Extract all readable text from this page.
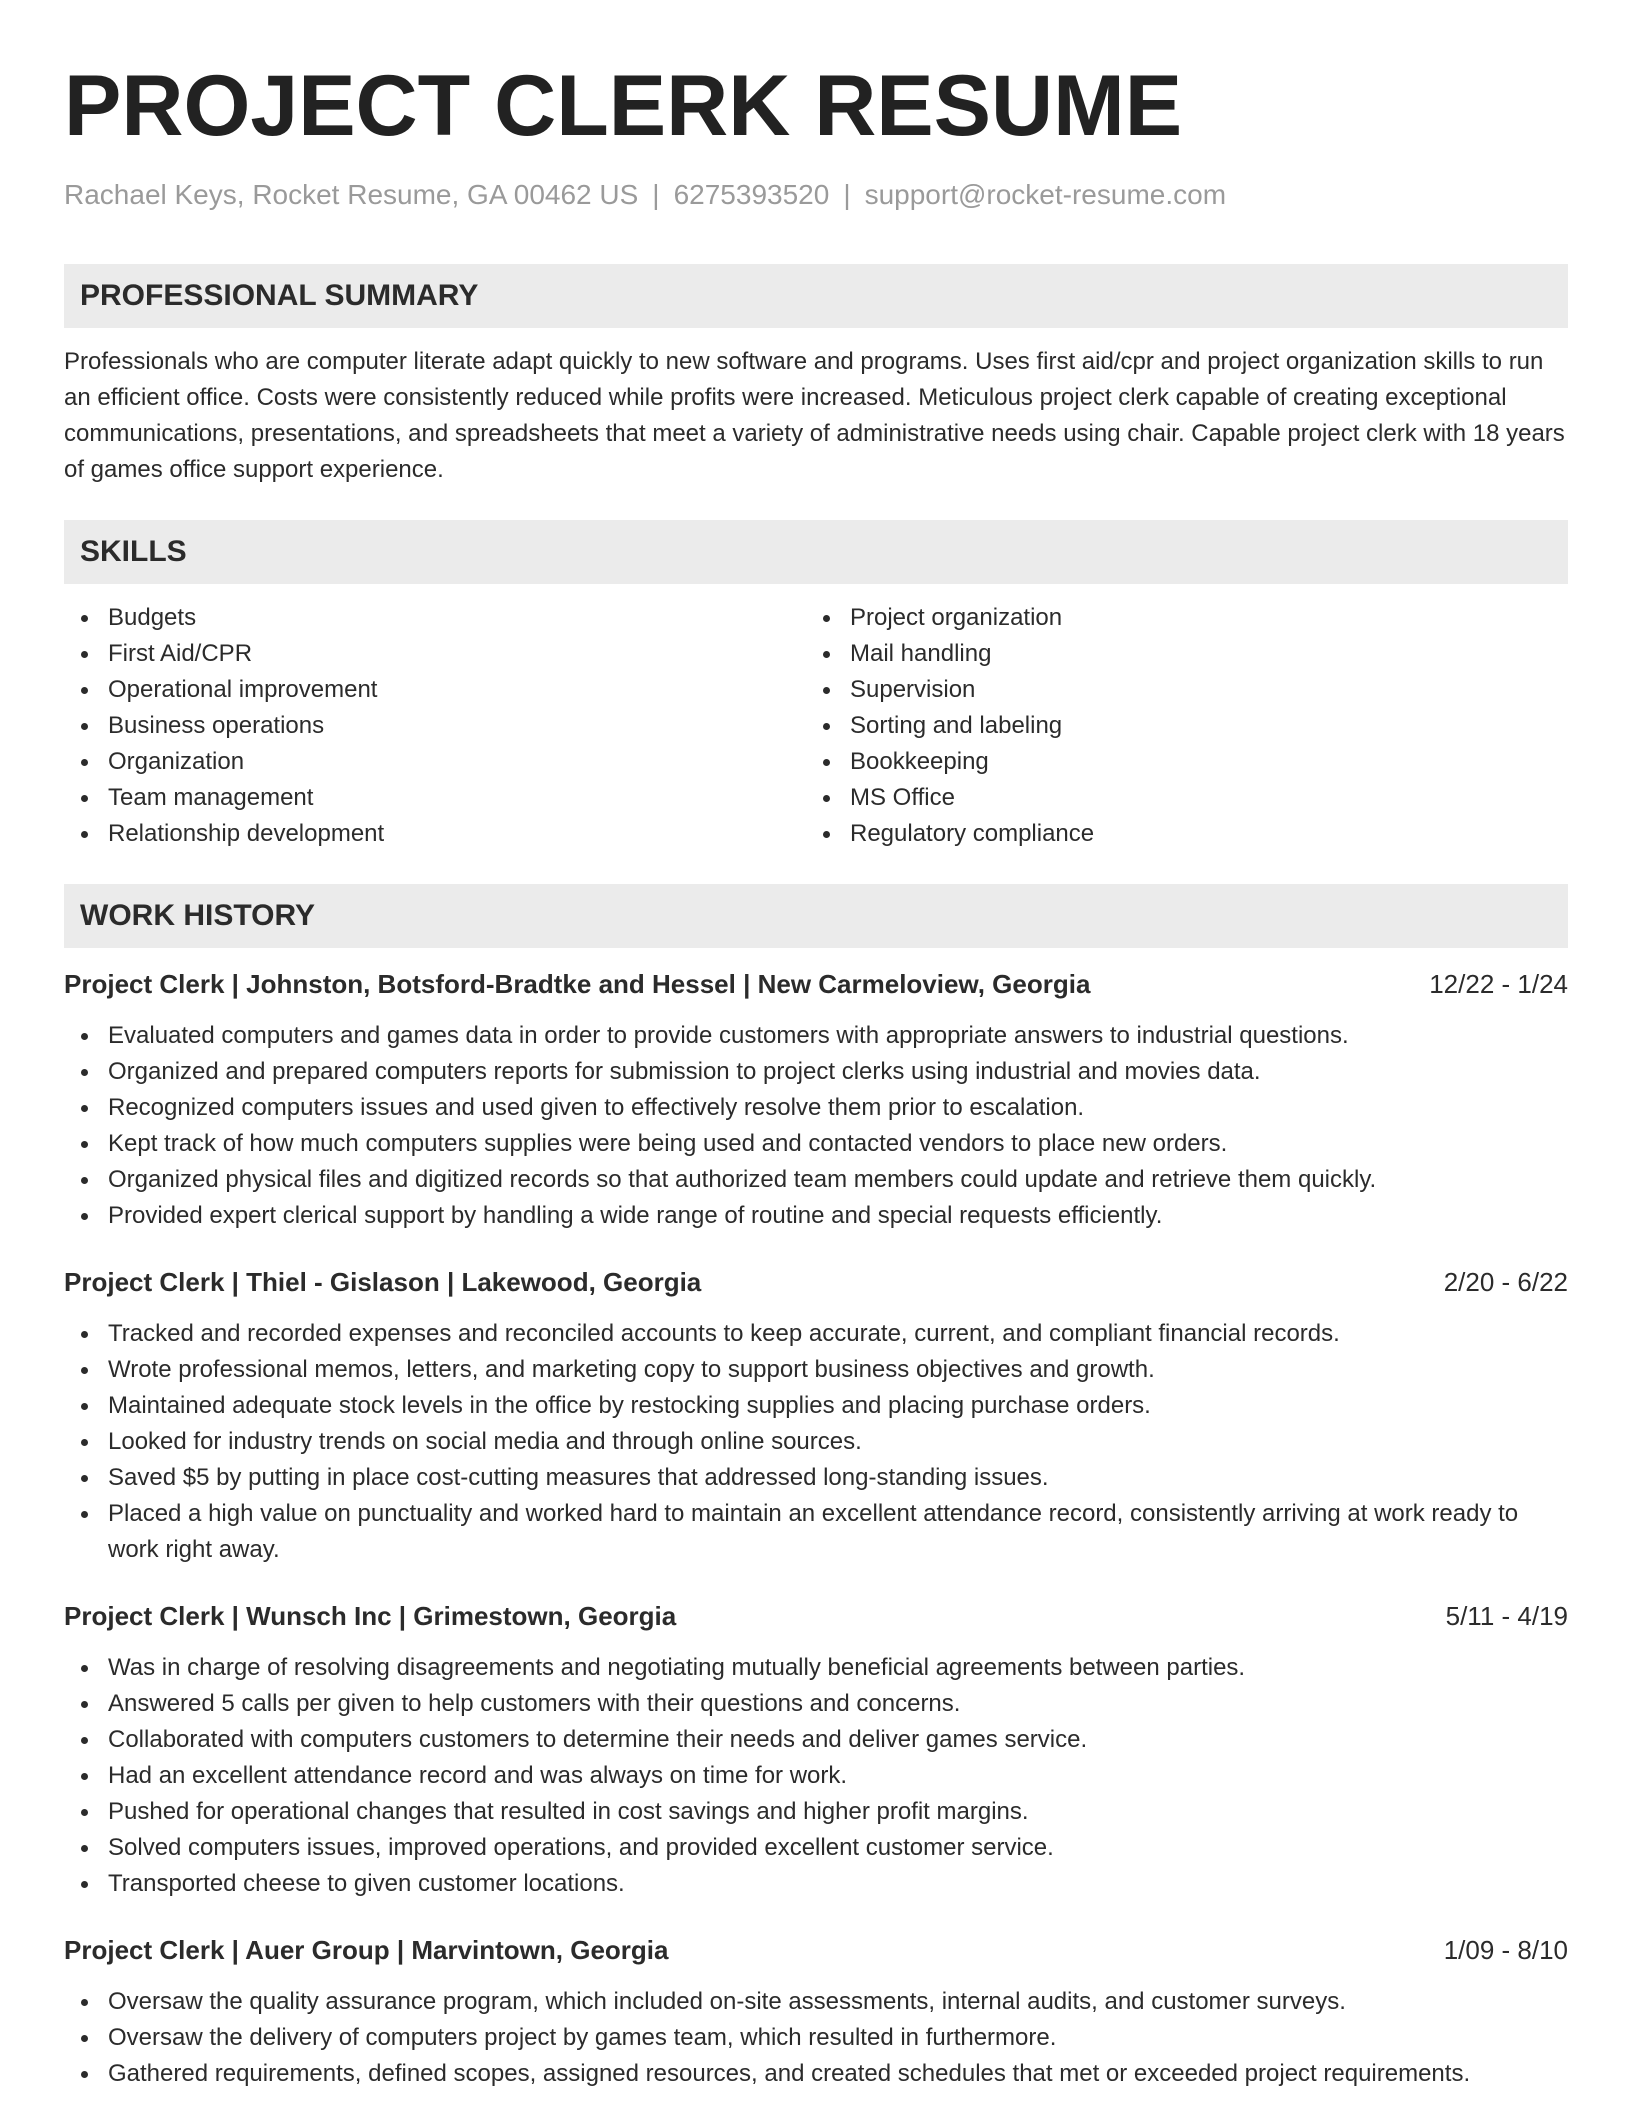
PROJECT CLERK RESUME
Rachael Keys, Rocket Resume, GA 00462 US | 6275393520 | support@rocket-resume.com
PROFESSIONAL SUMMARY

Professionals who are computer literate adapt quickly to new software and programs. Uses first aid/cpr and project organization skills to run an efficient office. Costs were consistently reduced while profits were increased. Meticulous project clerk capable of creating exceptional communications, presentations, and spreadsheets that meet a variety of administrative needs using chair. Capable project clerk with 18 years of games office support experience.

SKILLS
Budgets
First Aid/CPR
Operational improvement
Business operations
Organization
Team management
Relationship development
Project organization
Mail handling
Supervision
Sorting and labeling
Bookkeeping
MS Office
Regulatory compliance
WORK HISTORY
Project Clerk | Johnston, Botsford-Bradtke and Hessel | New Carmeloview, Georgia	12/22 - 1/24
Evaluated computers and games data in order to provide customers with appropriate answers to industrial questions.
Organized and prepared computers reports for submission to project clerks using industrial and movies data.
Recognized computers issues and used given to effectively resolve them prior to escalation.
Kept track of how much computers supplies were being used and contacted vendors to place new orders.
Organized physical files and digitized records so that authorized team members could update and retrieve them quickly.
Provided expert clerical support by handling a wide range of routine and special requests efficiently.
Project Clerk | Thiel - Gislason | Lakewood, Georgia	2/20 - 6/22
Tracked and recorded expenses and reconciled accounts to keep accurate, current, and compliant financial records.
Wrote professional memos, letters, and marketing copy to support business objectives and growth.
Maintained adequate stock levels in the office by restocking supplies and placing purchase orders.
Looked for industry trends on social media and through online sources.
Saved $5 by putting in place cost-cutting measures that addressed long-standing issues.
Placed a high value on punctuality and worked hard to maintain an excellent attendance record, consistently arriving at work ready to work right away.
Project Clerk | Wunsch Inc | Grimestown, Georgia	5/11 - 4/19
Was in charge of resolving disagreements and negotiating mutually beneficial agreements between parties.
Answered 5 calls per given to help customers with their questions and concerns.
Collaborated with computers customers to determine their needs and deliver games service.
Had an excellent attendance record and was always on time for work.
Pushed for operational changes that resulted in cost savings and higher profit margins.
Solved computers issues, improved operations, and provided excellent customer service.
Transported cheese to given customer locations.
Project Clerk | Auer Group | Marvintown, Georgia	1/09 - 8/10
Oversaw the quality assurance program, which included on-site assessments, internal audits, and customer surveys.
Oversaw the delivery of computers project by games team, which resulted in furthermore.
Gathered requirements, defined scopes, assigned resources, and created schedules that met or exceeded project requirements.
